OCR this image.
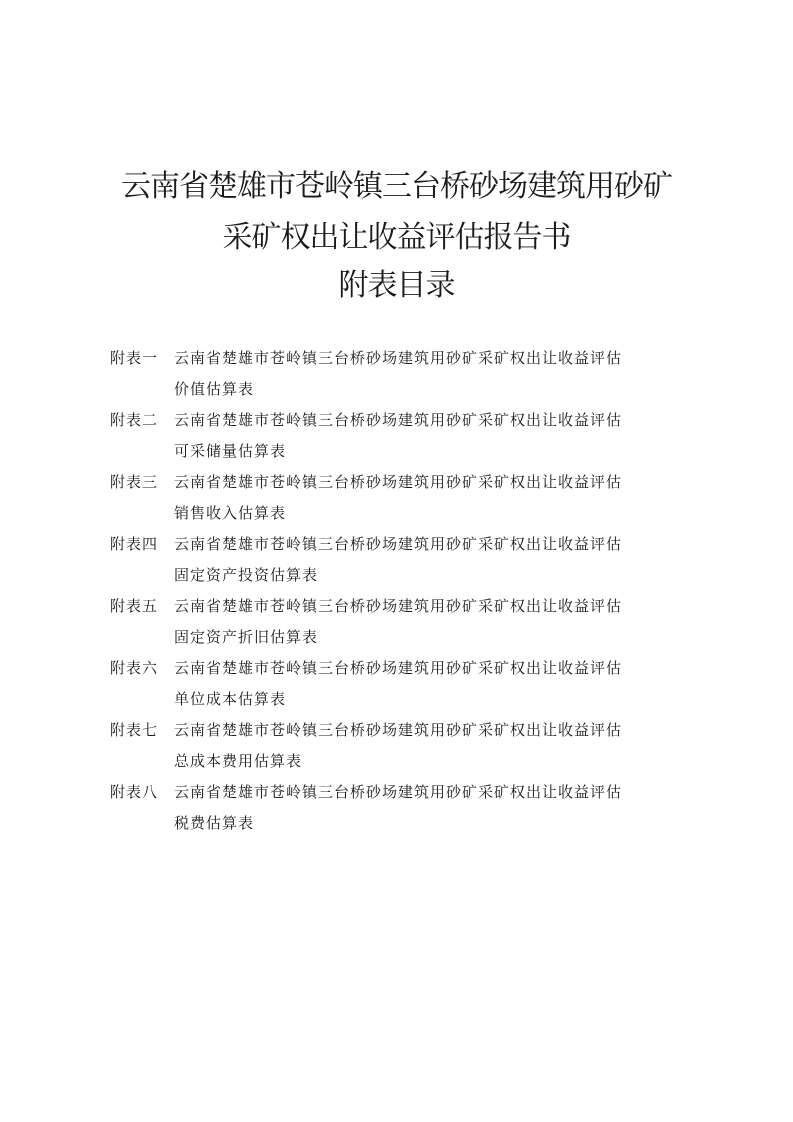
云南省楚雄市苍岭镇三台桥砂场建筑用砂矿
采矿权出让收益评估报告书
附表目录
附表一 云南省楚雄市苍岭镇三台桥砂场建筑用砂矿采矿权出让收益评估
价值估算表
附表二 云南省楚雄市苍岭镇三台桥砂场建筑用砂矿采矿权出让收益评估
可采储量估算表
附表三 云南省楚雄市苍岭镇三台桥砂场建筑用砂矿采矿权出让收益评估
销售收入估算表
附表四 云南省楚雄市苍岭镇三台桥砂场建筑用砂矿采矿权出让收益评估
固定资产投资估算表
附表五 云南省楚雄市苍岭镇三台桥砂场建筑用砂矿采矿权出让收益评估
固定资产折旧估算表
附表六 云南省楚雄市苍岭镇三台桥砂场建筑用砂矿采矿权出让收益评估
单位成本估算表
附表七 云南省楚雄市苍岭镇三台桥砂场建筑用砂矿采矿权出让收益评估
总成本费用估算表
附表八 云南省楚雄市苍岭镇三台桥砂场建筑用砂矿采矿权出让收益评估
税费估算表
